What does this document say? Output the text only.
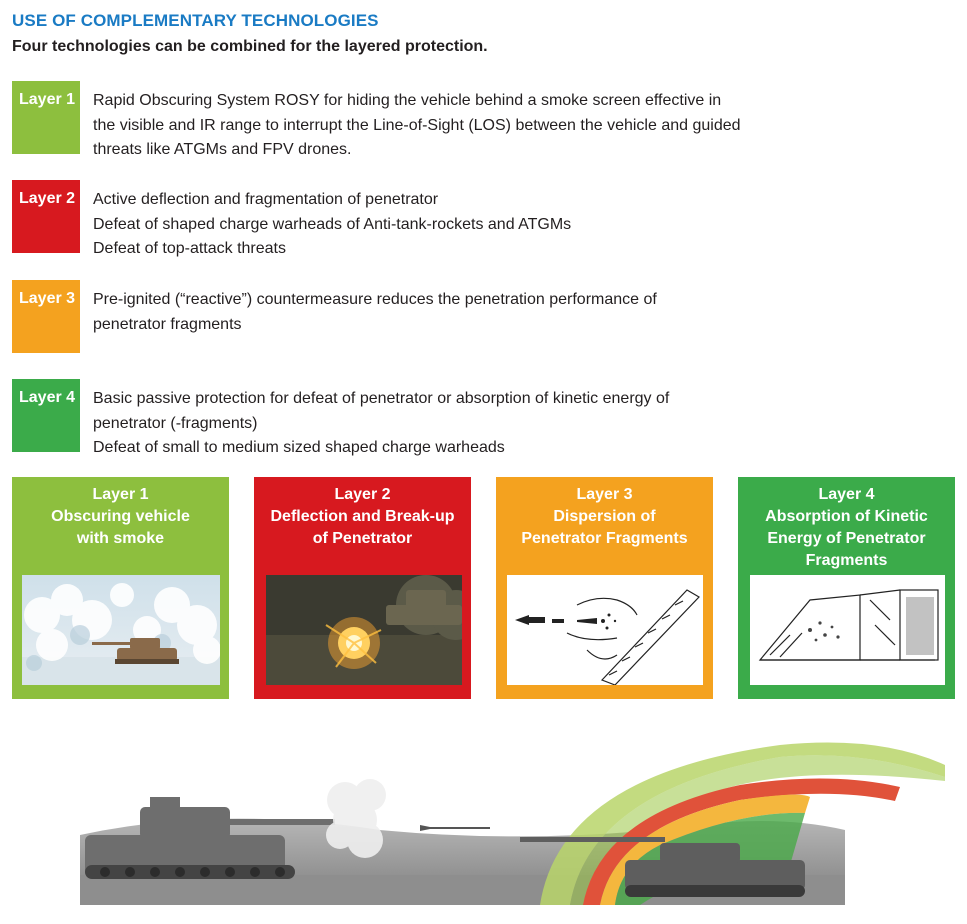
USE OF COMPLEMENTARY TECHNOLOGIES
Four technologies can be combined for the layered protection.
Layer 1 Rapid Obscuring System ROSY for hiding the vehicle behind a smoke screen effective in
the visible and IR range to interrupt the Line-of-Sight (LOS) between the vehicle and guided
threats like ATGMs and FPV drones.
Layer 2 Active deflection and fragmentation of penetrator
Defeat of shaped charge warheads of Anti-tank-rockets and ATGMs
Defeat of top-attack threats
Layer 3 Pre-ignited (“reactive”) countermeasure reduces the penetration performance of
penetrator fragments
Layer 4 Basic passive protection for defeat of penetrator or absorption of kinetic energy of
penetrator (-fragments)
Defeat of small to medium sized shaped charge warheads
Layer 1
Obscuring vehicle
with smoke
Layer 2
Deflection and Break-up
of Penetrator
Layer 3
Dispersion of
Penetrator Fragments
Layer 4
Absorption of Kinetic
Energy of Penetrator
Fragments
